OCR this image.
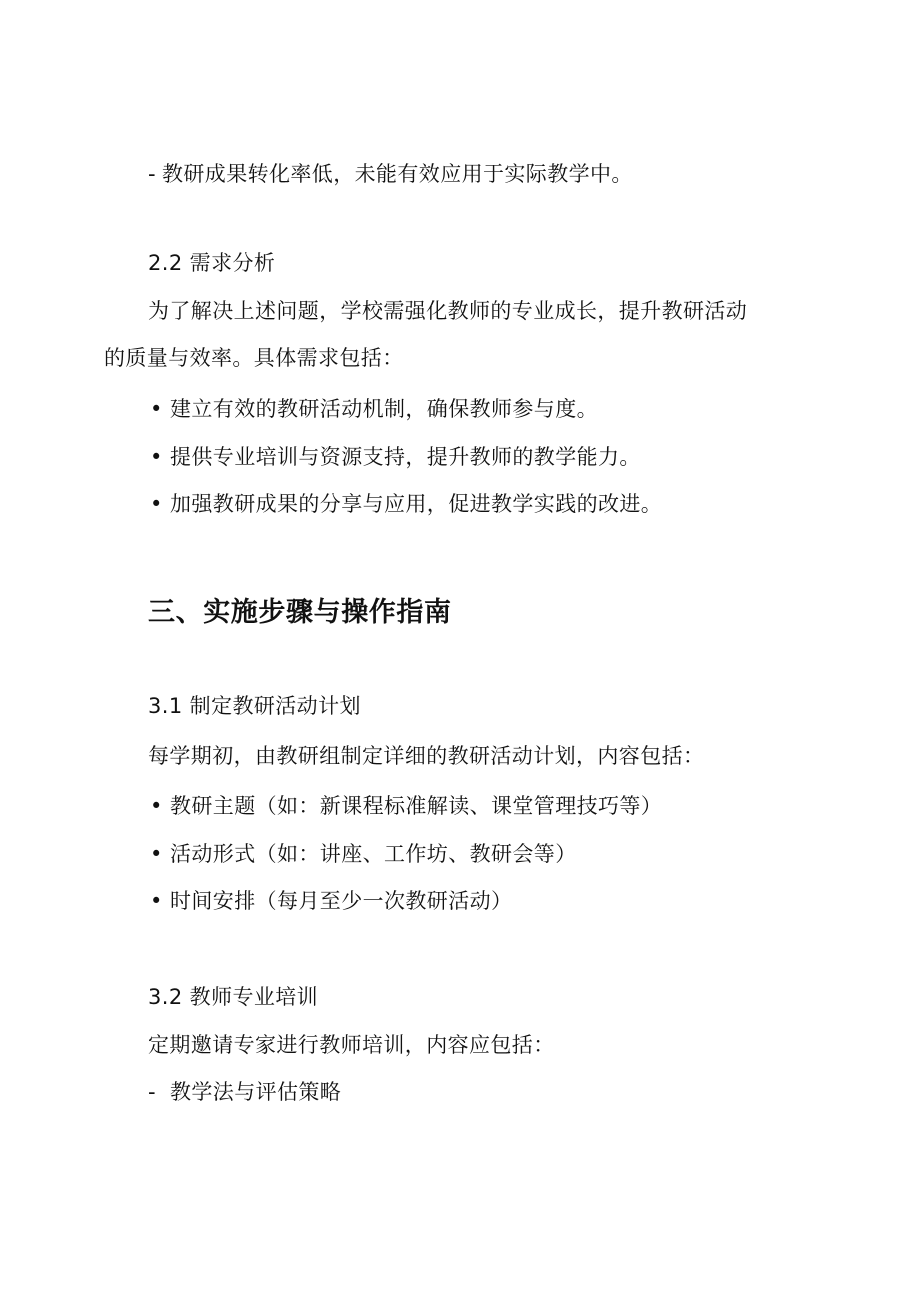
- 教研成果转化率低，未能有效应用于实际教学中。
2.2 需求分析
为了解决上述问题，学校需强化教师的专业成长，提升教研活动
的质量与效率。具体需求包括：
• 建立有效的教研活动机制，确保教师参与度。
• 提供专业培训与资源支持，提升教师的教学能力。
• 加强教研成果的分享与应用，促进教学实践的改进。
三、实施步骤与操作指南
3.1 制定教研活动计划
每学期初，由教研组制定详细的教研活动计划，内容包括：
• 教研主题（如：新课程标准解读、课堂管理技巧等）
• 活动形式（如：讲座、工作坊、教研会等）
• 时间安排（每月至少一次教研活动）
3.2 教师专业培训
定期邀请专家进行教师培训，内容应包括：
- 教学法与评估策略
